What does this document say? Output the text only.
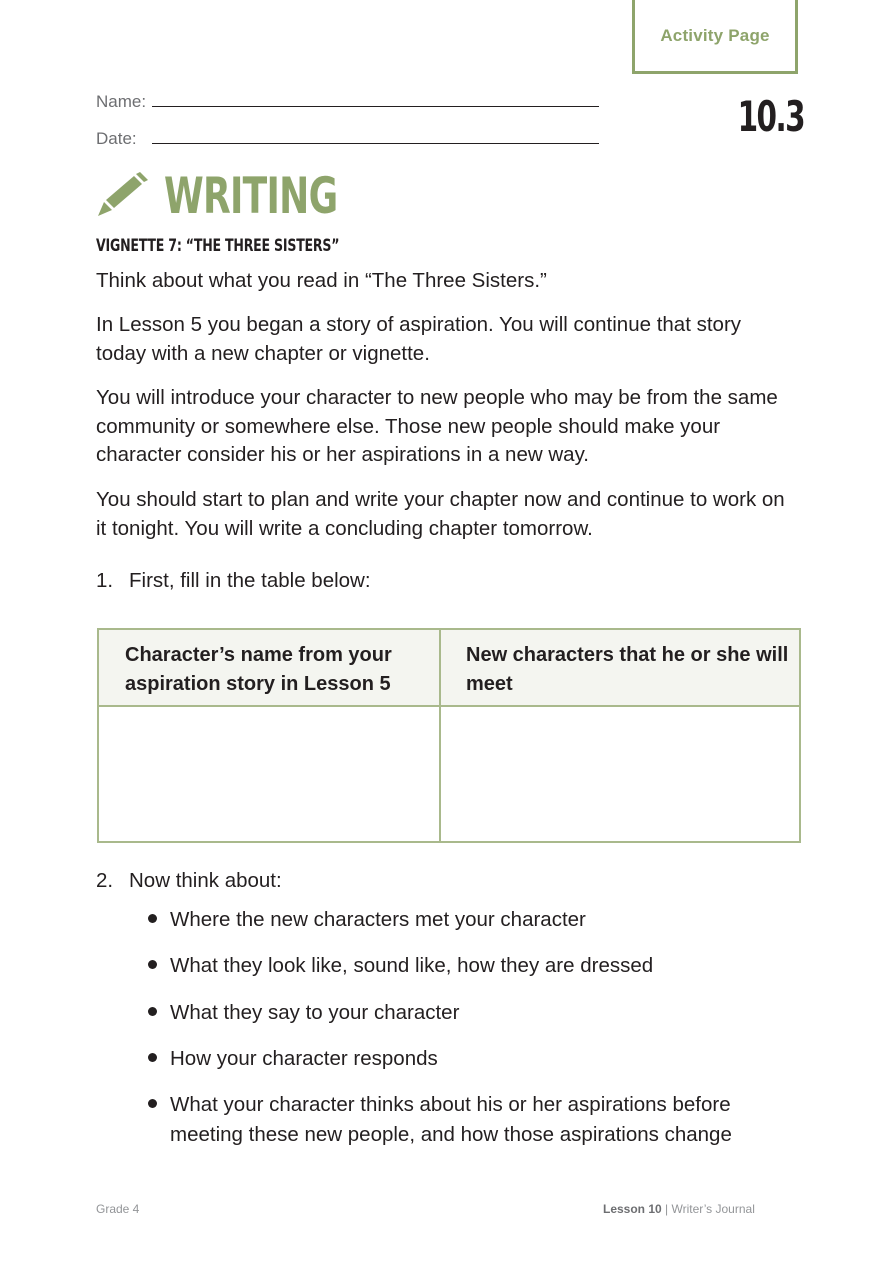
Activity Page
10.3
Name:
Date:
WRITING
VIGNETTE 7: “THE THREE SISTERS”
Think about what you read in “The Three Sisters.”
In Lesson 5 you began a story of aspiration. You will continue that story today with a new chapter or vignette.
You will introduce your character to new people who may be from the same community or somewhere else. Those new people should make your character consider his or her aspirations in a new way.
You should start to plan and write your chapter now and continue to work on it tonight. You will write a concluding chapter tomorrow.
1. First, fill in the table below:
Character’s name from your aspiration story in Lesson 5
New characters that he or she will meet
2. Now think about:
Where the new characters met your character
What they look like, sound like, how they are dressed
What they say to your character
How your character responds
What your character thinks about his or her aspirations before meeting these new people, and how those aspirations change
Grade 4	Lesson 10 | Writer’s Journal
